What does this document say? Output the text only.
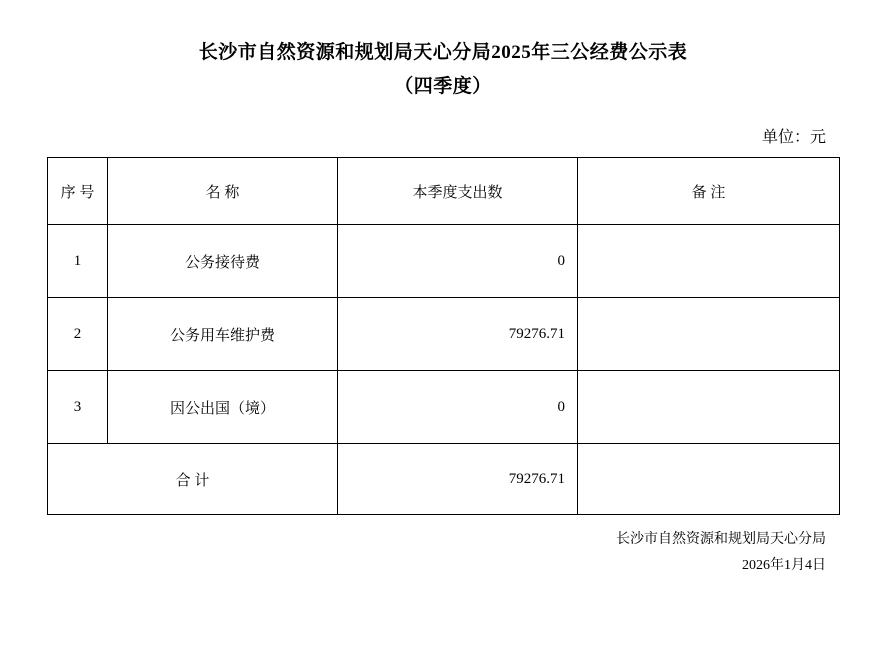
长沙市自然资源和规划局天心分局2025年三公经费公示表
（四季度）
单位：元
序 号	名 称	本季度支出数	备 注
1	公务接待费	0	
2	公务用车维护费	79276.71	
3	因公出国（境）	0	
合 计		79276.71	
长沙市自然资源和规划局天心分局
2026年1月4日
